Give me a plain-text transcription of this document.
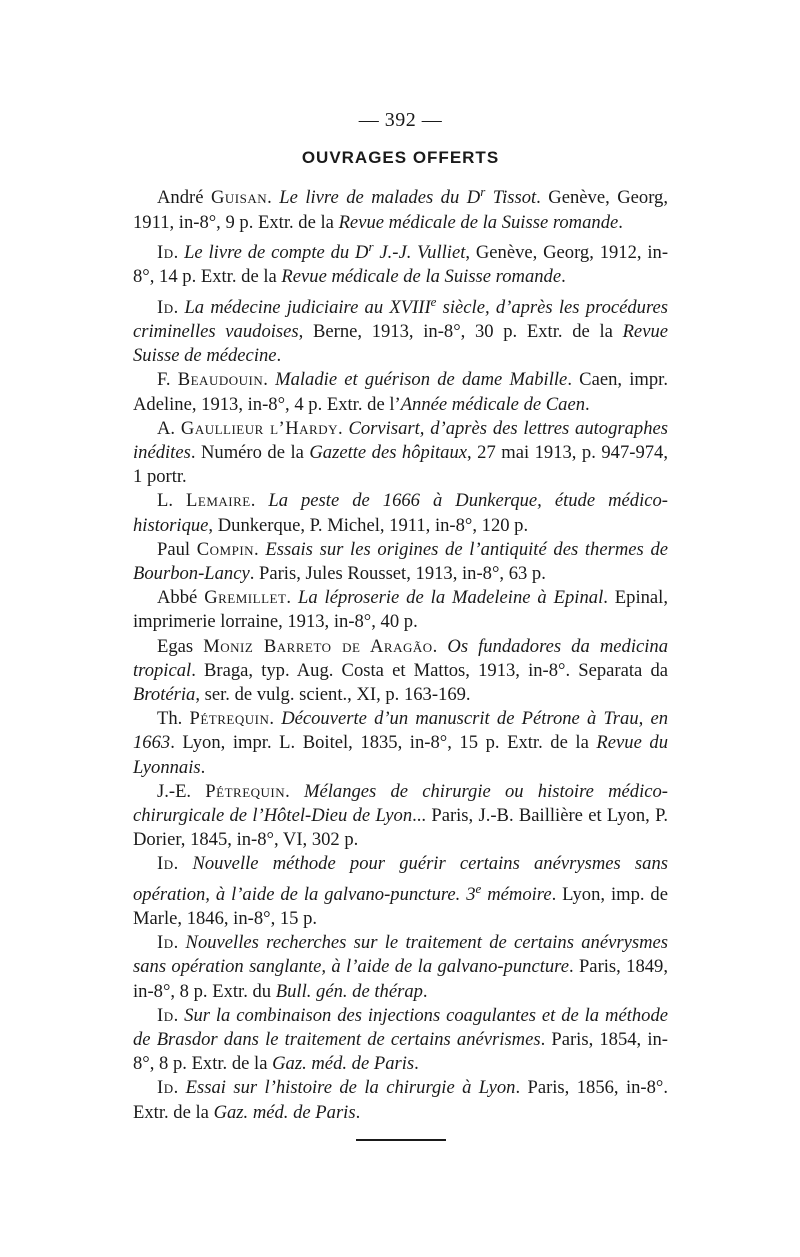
— 392 —
OUVRAGES OFFERTS

André Guisan. Le livre de malades du $D^r$ Tissot. Genève, Georg, 1911, in-8°, 9 p. Extr. de la Revue médicale de la Suisse romande.

Id. Le livre de compte du $D^r$ J.-J. Vulliet, Genève, Georg, 1912, in-8°, 14 p. Extr. de la Revue médicale de la Suisse romande.

Id. La médecine judiciaire au XVIIIe siècle, d’après les procédures criminelles vaudoises, Berne, 1913, in-8°, 30 p. Extr. de la Revue Suisse de médecine.

F. Beaudouin. Maladie et guérison de dame Mabille. Caen, impr. Adeline, 1913, in-8°, 4 p. Extr. de l’Année médicale de Caen.

A. Gaullieur l’Hardy. Corvisart, d’après des lettres autographes inédites. Numéro de la Gazette des hôpitaux, 27 mai 1913, p. 947-974, 1 portr.

L. Lemaire. La peste de 1666 à Dunkerque, étude médico-historique, Dunkerque, P. Michel, 1911, in-8°, 120 p.

Paul Compin. Essais sur les origines de l’antiquité des thermes de Bourbon-Lancy. Paris, Jules Rousset, 1913, in-8°, 63 p.

Abbé Gremillet. La léproserie de la Madeleine à Epinal. Epinal, imprimerie lorraine, 1913, in-8°, 40 p.

Egas Moniz Barreto de Aragão. Os fundadores da medicina tropical. Braga, typ. Aug. Costa et Mattos, 1913, in-8°. Separata da Brotéria, ser. de vulg. scient., XI, p. 163-169.

Th. Pétrequin. Découverte d’un manuscrit de Pétrone à Trau, en 1663. Lyon, impr. L. Boitel, 1835, in-8°, 15 p. Extr. de la Revue du Lyonnais.

J.-E. Pétrequin. Mélanges de chirurgie ou histoire médico-chirurgicale de l’Hôtel-Dieu de Lyon... Paris, J.-B. Baillière et Lyon, P. Dorier, 1845, in-8°, VI, 302 p.

Id. Nouvelle méthode pour guérir certains anévrysmes sans opération, à l’aide de la galvano-puncture. 3e mémoire. Lyon, imp. de Marle, 1846, in-8°, 15 p.

Id. Nouvelles recherches sur le traitement de certains anévrysmes sans opération sanglante, à l’aide de la galvano-puncture. Paris, 1849, in-8°, 8 p. Extr. du Bull. gén. de thérap.

Id. Sur la combinaison des injections coagulantes et de la méthode de Brasdor dans le traitement de certains anévrismes. Paris, 1854, in-8°, 8 p. Extr. de la Gaz. méd. de Paris.

Id. Essai sur l’histoire de la chirurgie à Lyon. Paris, 1856, in-8°. Extr. de la Gaz. méd. de Paris.
